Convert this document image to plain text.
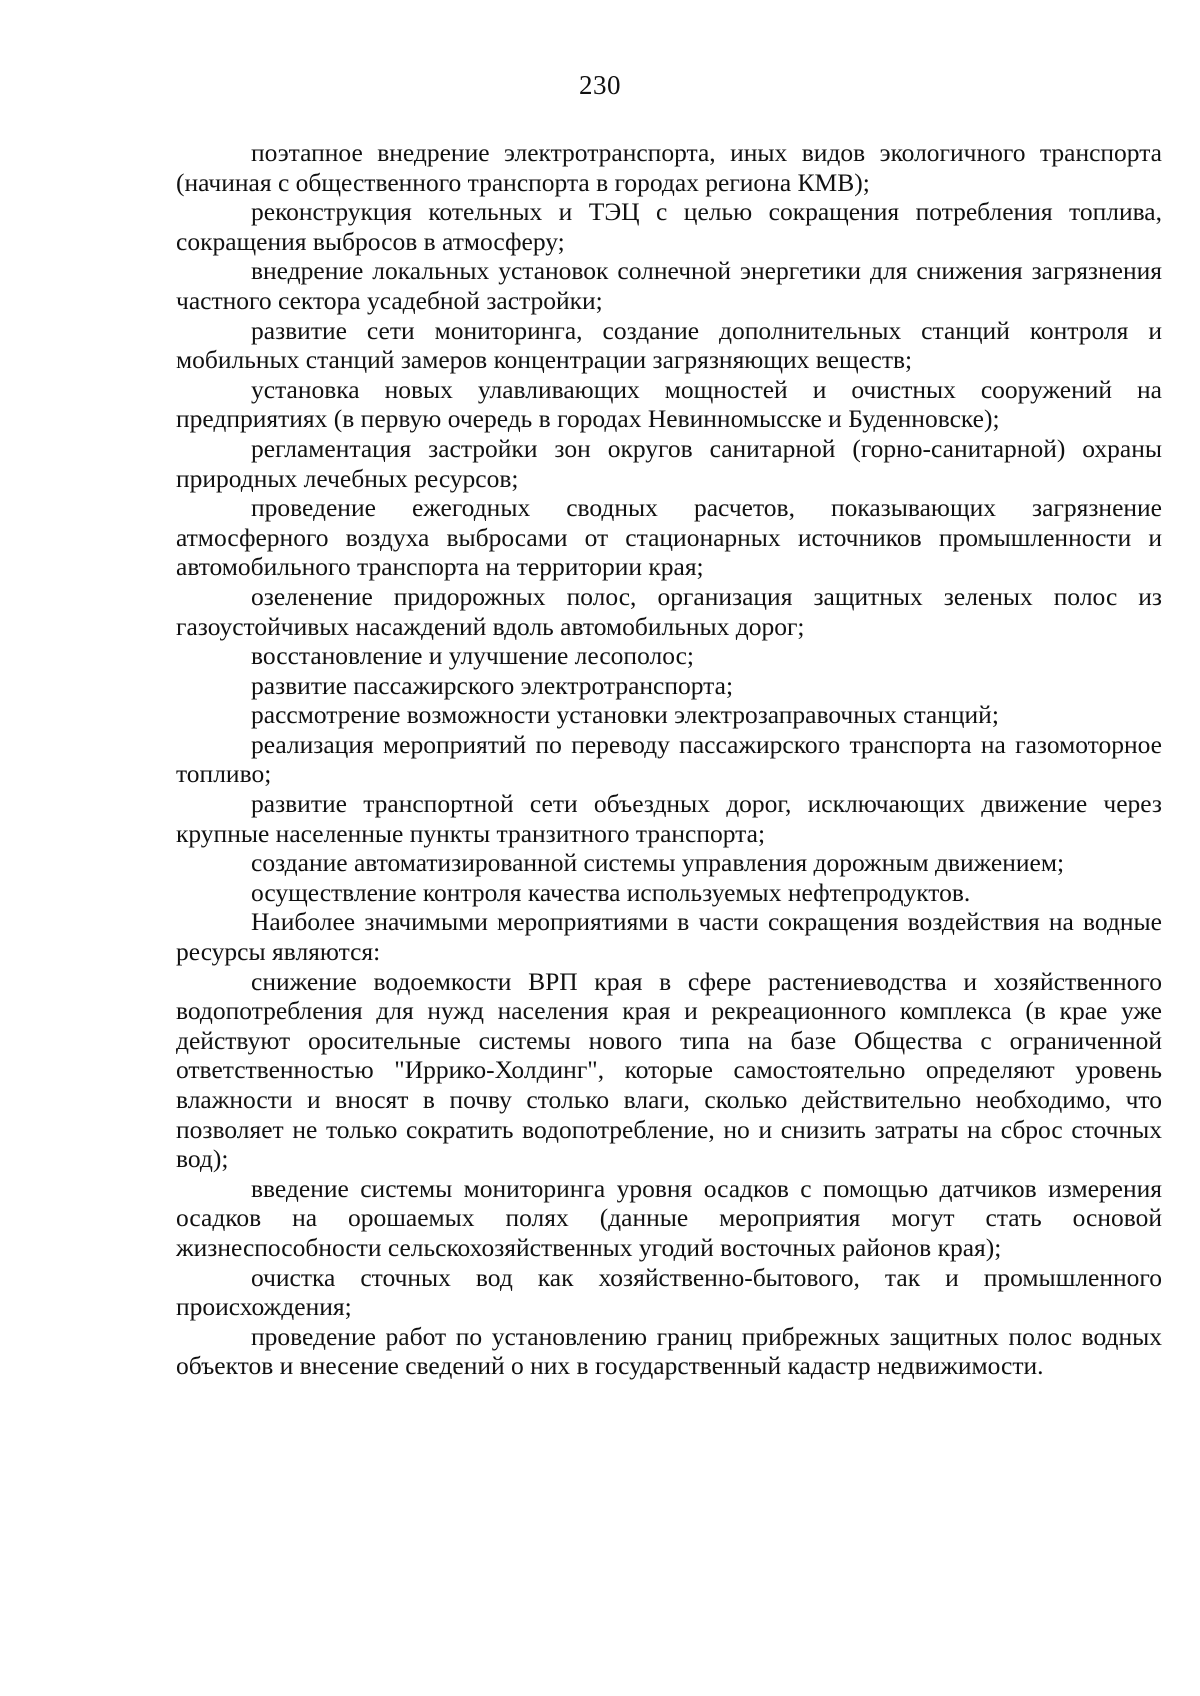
230

поэтапное внедрение электротранспорта, иных видов экологичного транспорта (начиная с общественного транспорта в городах региона КМВ);

реконструкция котельных и ТЭЦ с целью сокращения потребления топлива, сокращения выбросов в атмосферу;

внедрение локальных установок солнечной энергетики для снижения загрязнения частного сектора усадебной застройки;

развитие сети мониторинга, создание дополнительных станций контроля и мобильных станций замеров концентрации загрязняющих веществ;

установка новых улавливающих мощностей и очистных сооружений на предприятиях (в первую очередь в городах Невинномысске и Буденновске);

регламентация застройки зон округов санитарной (горно-санитарной) охраны природных лечебных ресурсов;

проведение ежегодных сводных расчетов, показывающих загрязнение атмосферного воздуха выбросами от стационарных источников промышленности и автомобильного транспорта на территории края;

озеленение придорожных полос, организация защитных зеленых полос из газоустойчивых насаждений вдоль автомобильных дорог;

восстановление и улучшение лесополос;

развитие пассажирского электротранспорта;

рассмотрение возможности установки электрозаправочных станций;

реализация мероприятий по переводу пассажирского транспорта на газомоторное топливо;

развитие транспортной сети объездных дорог, исключающих движение через крупные населенные пункты транзитного транспорта;

создание автоматизированной системы управления дорожным движением;

осуществление контроля качества используемых нефтепродуктов.

Наиболее значимыми мероприятиями в части сокращения воздействия на водные ресурсы являются:

снижение водоемкости ВРП края в сфере растениеводства и хозяйственного водопотребления для нужд населения края и рекреационного комплекса (в крае уже действуют оросительные системы нового типа на базе Общества с ограниченной ответственностью "Иррико-Холдинг", которые самостоятельно определяют уровень влажности и вносят в почву столько влаги, сколько действительно необходимо, что позволяет не только сократить водопотребление, но и снизить затраты на сброс сточных вод);

введение системы мониторинга уровня осадков с помощью датчиков измерения осадков на орошаемых полях (данные мероприятия могут стать основой жизнеспособности сельскохозяйственных угодий восточных районов края);

очистка сточных вод как хозяйственно-бытового, так и промышленного происхождения;

проведение работ по установлению границ прибрежных защитных полос водных объектов и внесение сведений о них в государственный кадастр недвижимости.
